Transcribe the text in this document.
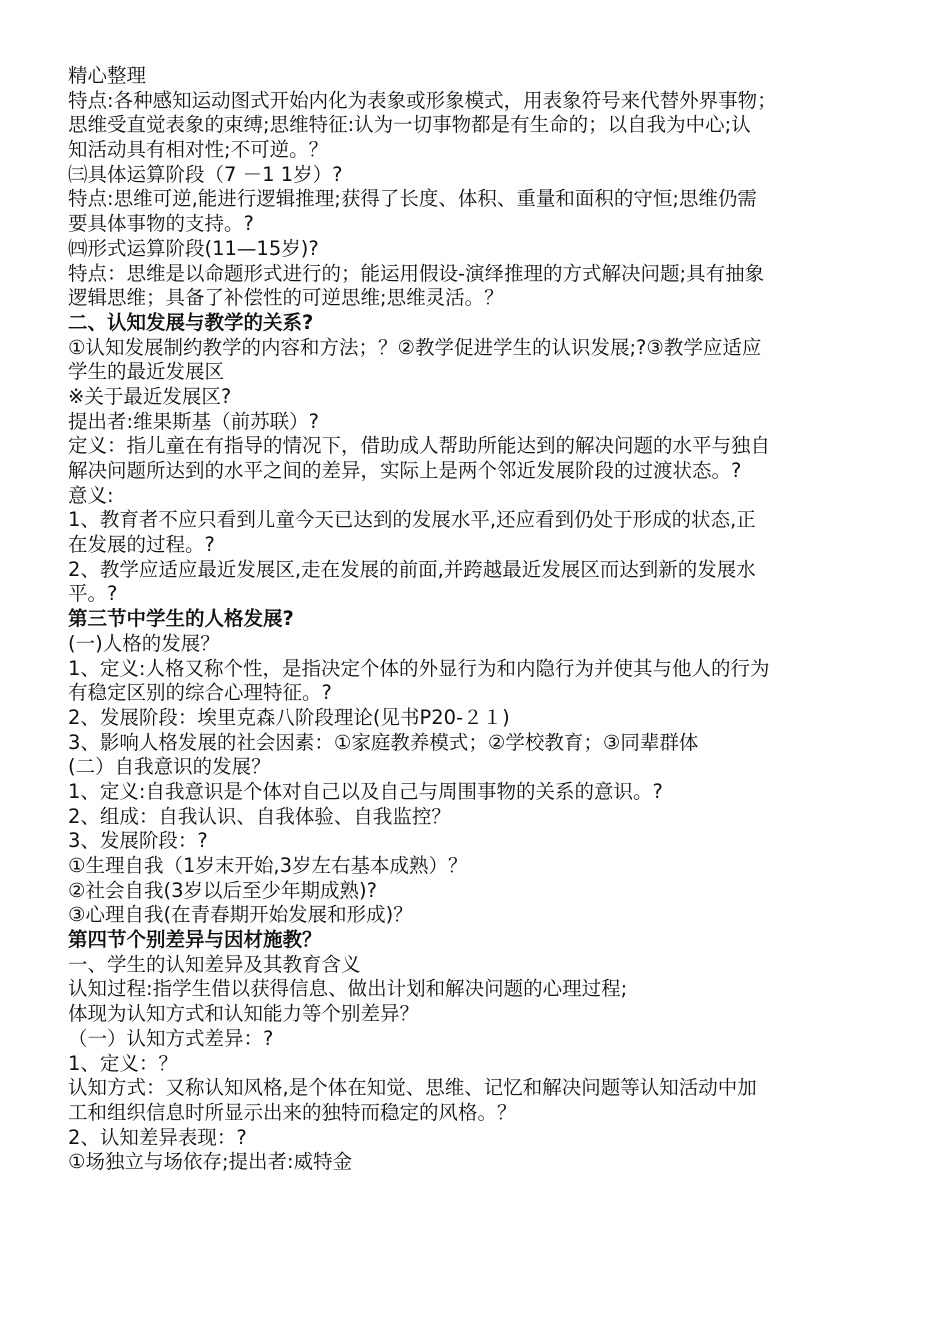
精心整理
特点:各种感知运动图式开始内化为表象或形象模式，用表象符号来代替外界事物；
思维受直觉表象的束缚;思维特征:认为一切事物都是有生命的；以自我为中心;认
知活动具有相对性;不可逆。？
㈢具体运算阶段（7 －1 1岁）?
特点:思维可逆,能进行逻辑推理;获得了长度、体积、重量和面积的守恒;思维仍需
要具体事物的支持。?
㈣形式运算阶段(11—15岁)?
特点：思维是以命题形式进行的；能运用假设-演绎推理的方式解决问题;具有抽象
逻辑思维；具备了补偿性的可逆思维;思维灵活。？
二、认知发展与教学的关系?
①认知发展制约教学的内容和方法；？②教学促进学生的认识发展;?③教学应适应
学生的最近发展区
※关于最近发展区?
提出者:维果斯基（前苏联）?
定义：指儿童在有指导的情况下，借助成人帮助所能达到的解决问题的水平与独自
解决问题所达到的水平之间的差异，实际上是两个邻近发展阶段的过渡状态。?
意义:
1、教育者不应只看到儿童今天已达到的发展水平,还应看到仍处于形成的状态,正
在发展的过程。?
2、教学应适应最近发展区,走在发展的前面,并跨越最近发展区而达到新的发展水
平。?
第三节中学生的人格发展?
(一)人格的发展？
1、定义:人格又称个性，是指决定个体的外显行为和内隐行为并使其与他人的行为
有稳定区别的综合心理特征。?
2、发展阶段：埃里克森八阶段理论(见书P20-２１)
3、影响人格发展的社会因素：①家庭教养模式；②学校教育；③同辈群体
(二）自我意识的发展？
1、定义:自我意识是个体对自己以及自己与周围事物的关系的意识。?
2、组成：自我认识、自我体验、自我监控？
3、发展阶段：?
①生理自我（1岁末开始,3岁左右基本成熟）？
②社会自我(3岁以后至少年期成熟)?
③心理自我(在青春期开始发展和形成)？
第四节个别差异与因材施教？
一、学生的认知差异及其教育含义
认知过程:指学生借以获得信息、做出计划和解决问题的心理过程;
体现为认知方式和认知能力等个别差异？
（一）认知方式差异：?
1、定义：？
认知方式：又称认知风格,是个体在知觉、思维、记忆和解决问题等认知活动中加
工和组织信息时所显示出来的独特而稳定的风格。？
2、认知差异表现：?
①场独立与场依存;提出者:威特金
